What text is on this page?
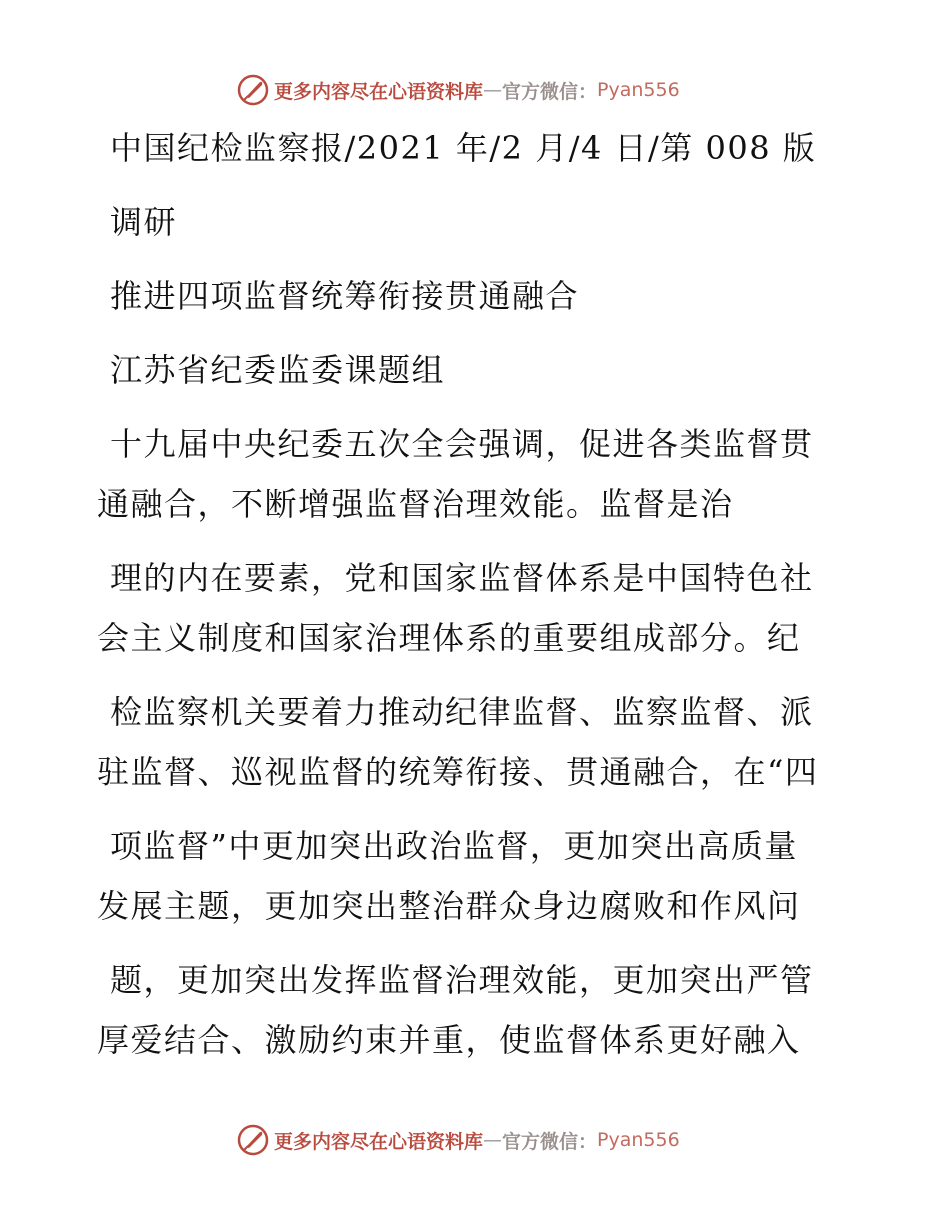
更多内容尽在心语资料库 — 官方微信： Pyan556
中国纪检监察报/2021 年/2 月/4 日/第 008 版
调研
推进四项监督统筹衔接贯通融合
江苏省纪委监委课题组
十九届中央纪委五次全会强调，促进各类监督贯
通融合，不断增强监督治理效能。监督是治
理的内在要素，党和国家监督体系是中国特色社
会主义制度和国家治理体系的重要组成部分。纪
检监察机关要着力推动纪律监督、监察监督、派
驻监督、巡视监督的统筹衔接、贯通融合，在“四
项监督”中更加突出政治监督，更加突出高质量
发展主题，更加突出整治群众身边腐败和作风问
题，更加突出发挥监督治理效能，更加突出严管
厚爱结合、激励约束并重，使监督体系更好融入
更多内容尽在心语资料库 — 官方微信： Pyan556
